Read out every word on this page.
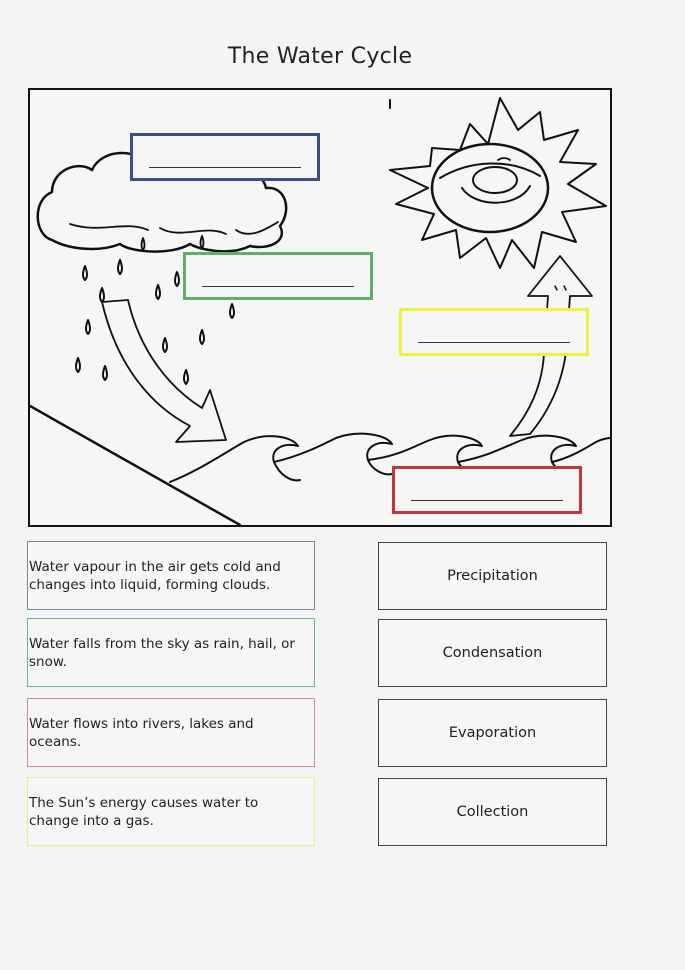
The Water Cycle
Water vapour in the air gets cold and changes into liquid, forming clouds.
Water falls from the sky as rain, hail, or snow.
Water flows into rivers, lakes and oceans.
The Sun’s energy causes water to change into a gas.
Precipitation
Condensation
Evaporation
Collection
